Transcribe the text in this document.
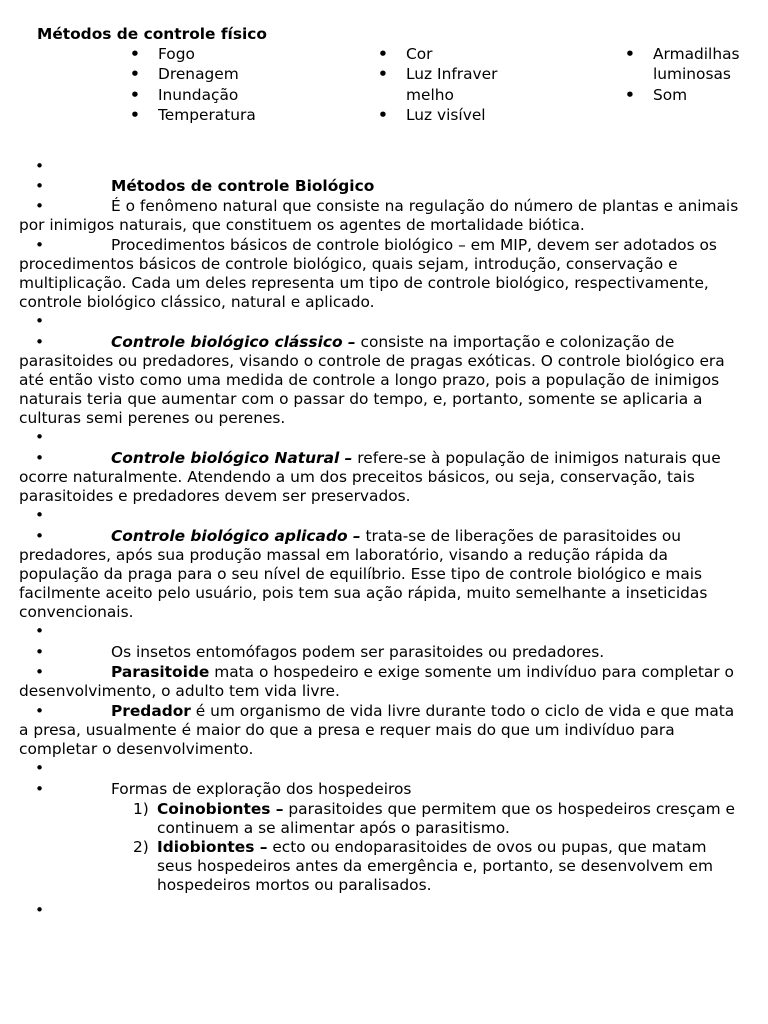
Métodos de controle físico
• Fogo
• Drenagem
• Inundação
• Temperatura
• Cor
• Luz Infravermelho
• Luz visível
• Armadilhas luminosas
• Som
•
•	Métodos de controle Biológico
•	É o fenômeno natural que consiste na regulação do número de plantas e animais por inimigos naturais, que constituem os agentes de mortalidade biótica.
•	Procedimentos básicos de controle biológico – em MIP, devem ser adotados os procedimentos básicos de controle biológico, quais sejam, introdução, conservação e multiplicação. Cada um deles representa um tipo de controle biológico, respectivamente, controle biológico clássico, natural e aplicado.
•
•	Controle biológico clássico – consiste na importação e colonização de parasitoides ou predadores, visando o controle de pragas exóticas. O controle biológico era até então visto como uma medida de controle a longo prazo, pois a população de inimigos naturais teria que aumentar com o passar do tempo, e, portanto, somente se aplicaria a culturas semi perenes ou perenes.
•
•	Controle biológico Natural – refere-se à população de inimigos naturais que ocorre naturalmente. Atendendo a um dos preceitos básicos, ou seja, conservação, tais parasitoides e predadores devem ser preservados.
•
•	Controle biológico aplicado – trata-se de liberações de parasitoides ou predadores, após sua produção massal em laboratório, visando a redução rápida da população da praga para o seu nível de equilíbrio. Esse tipo de controle biológico e mais facilmente aceito pelo usuário, pois tem sua ação rápida, muito semelhante a inseticidas convencionais.
•
•	Os insetos entomófagos podem ser parasitoides ou predadores.
•	Parasitoide mata o hospedeiro e exige somente um indivíduo para completar o desenvolvimento, o adulto tem vida livre.
•	Predador é um organismo de vida livre durante todo o ciclo de vida e que mata a presa, usualmente é maior do que a presa e requer mais do que um indivíduo para completar o desenvolvimento.
•
•	Formas de exploração dos hospedeiros
1) Coinobiontes – parasitoides que permitem que os hospedeiros cresçam e continuem a se alimentar após o parasitismo.
2) Idiobiontes – ecto ou endoparasitoides de ovos ou pupas, que matam seus hospedeiros antes da emergência e, portanto, se desenvolvem em hospedeiros mortos ou paralisados.
•
